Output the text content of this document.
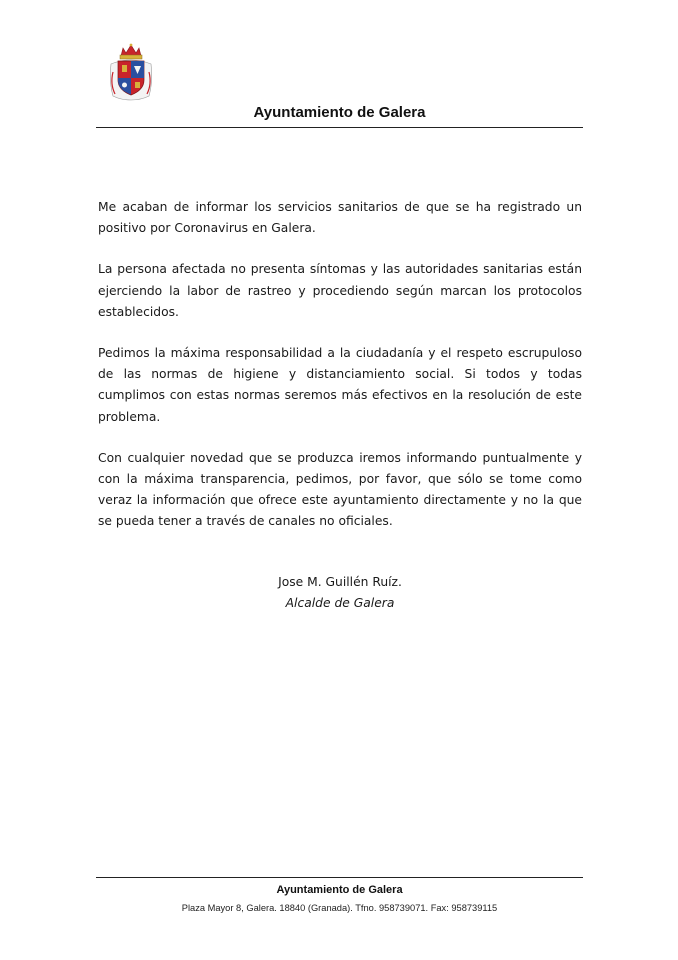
Ayuntamiento de Galera

Me acaban de informar los servicios sanitarios de que se ha registrado un positivo por Coronavirus en Galera.

La persona afectada no presenta síntomas y las autoridades sanitarias están ejerciendo la labor de rastreo y procediendo según marcan los protocolos establecidos.

Pedimos la máxima responsabilidad a la ciudadanía y el respeto escrupuloso de las normas de higiene y distanciamiento social. Si todos y todas cumplimos con estas normas seremos más efectivos en la resolución de este problema.

Con cualquier novedad que se produzca iremos informando puntualmente y con la máxima transparencia, pedimos, por favor, que sólo se tome como veraz la información que ofrece este ayuntamiento directamente y no la que se pueda tener a través de canales no oficiales.

Jose M. Guillén Ruíz.
Alcalde de Galera
Ayuntamiento de Galera
Plaza Mayor 8, Galera. 18840 (Granada). Tfno. 958739071. Fax: 958739115
